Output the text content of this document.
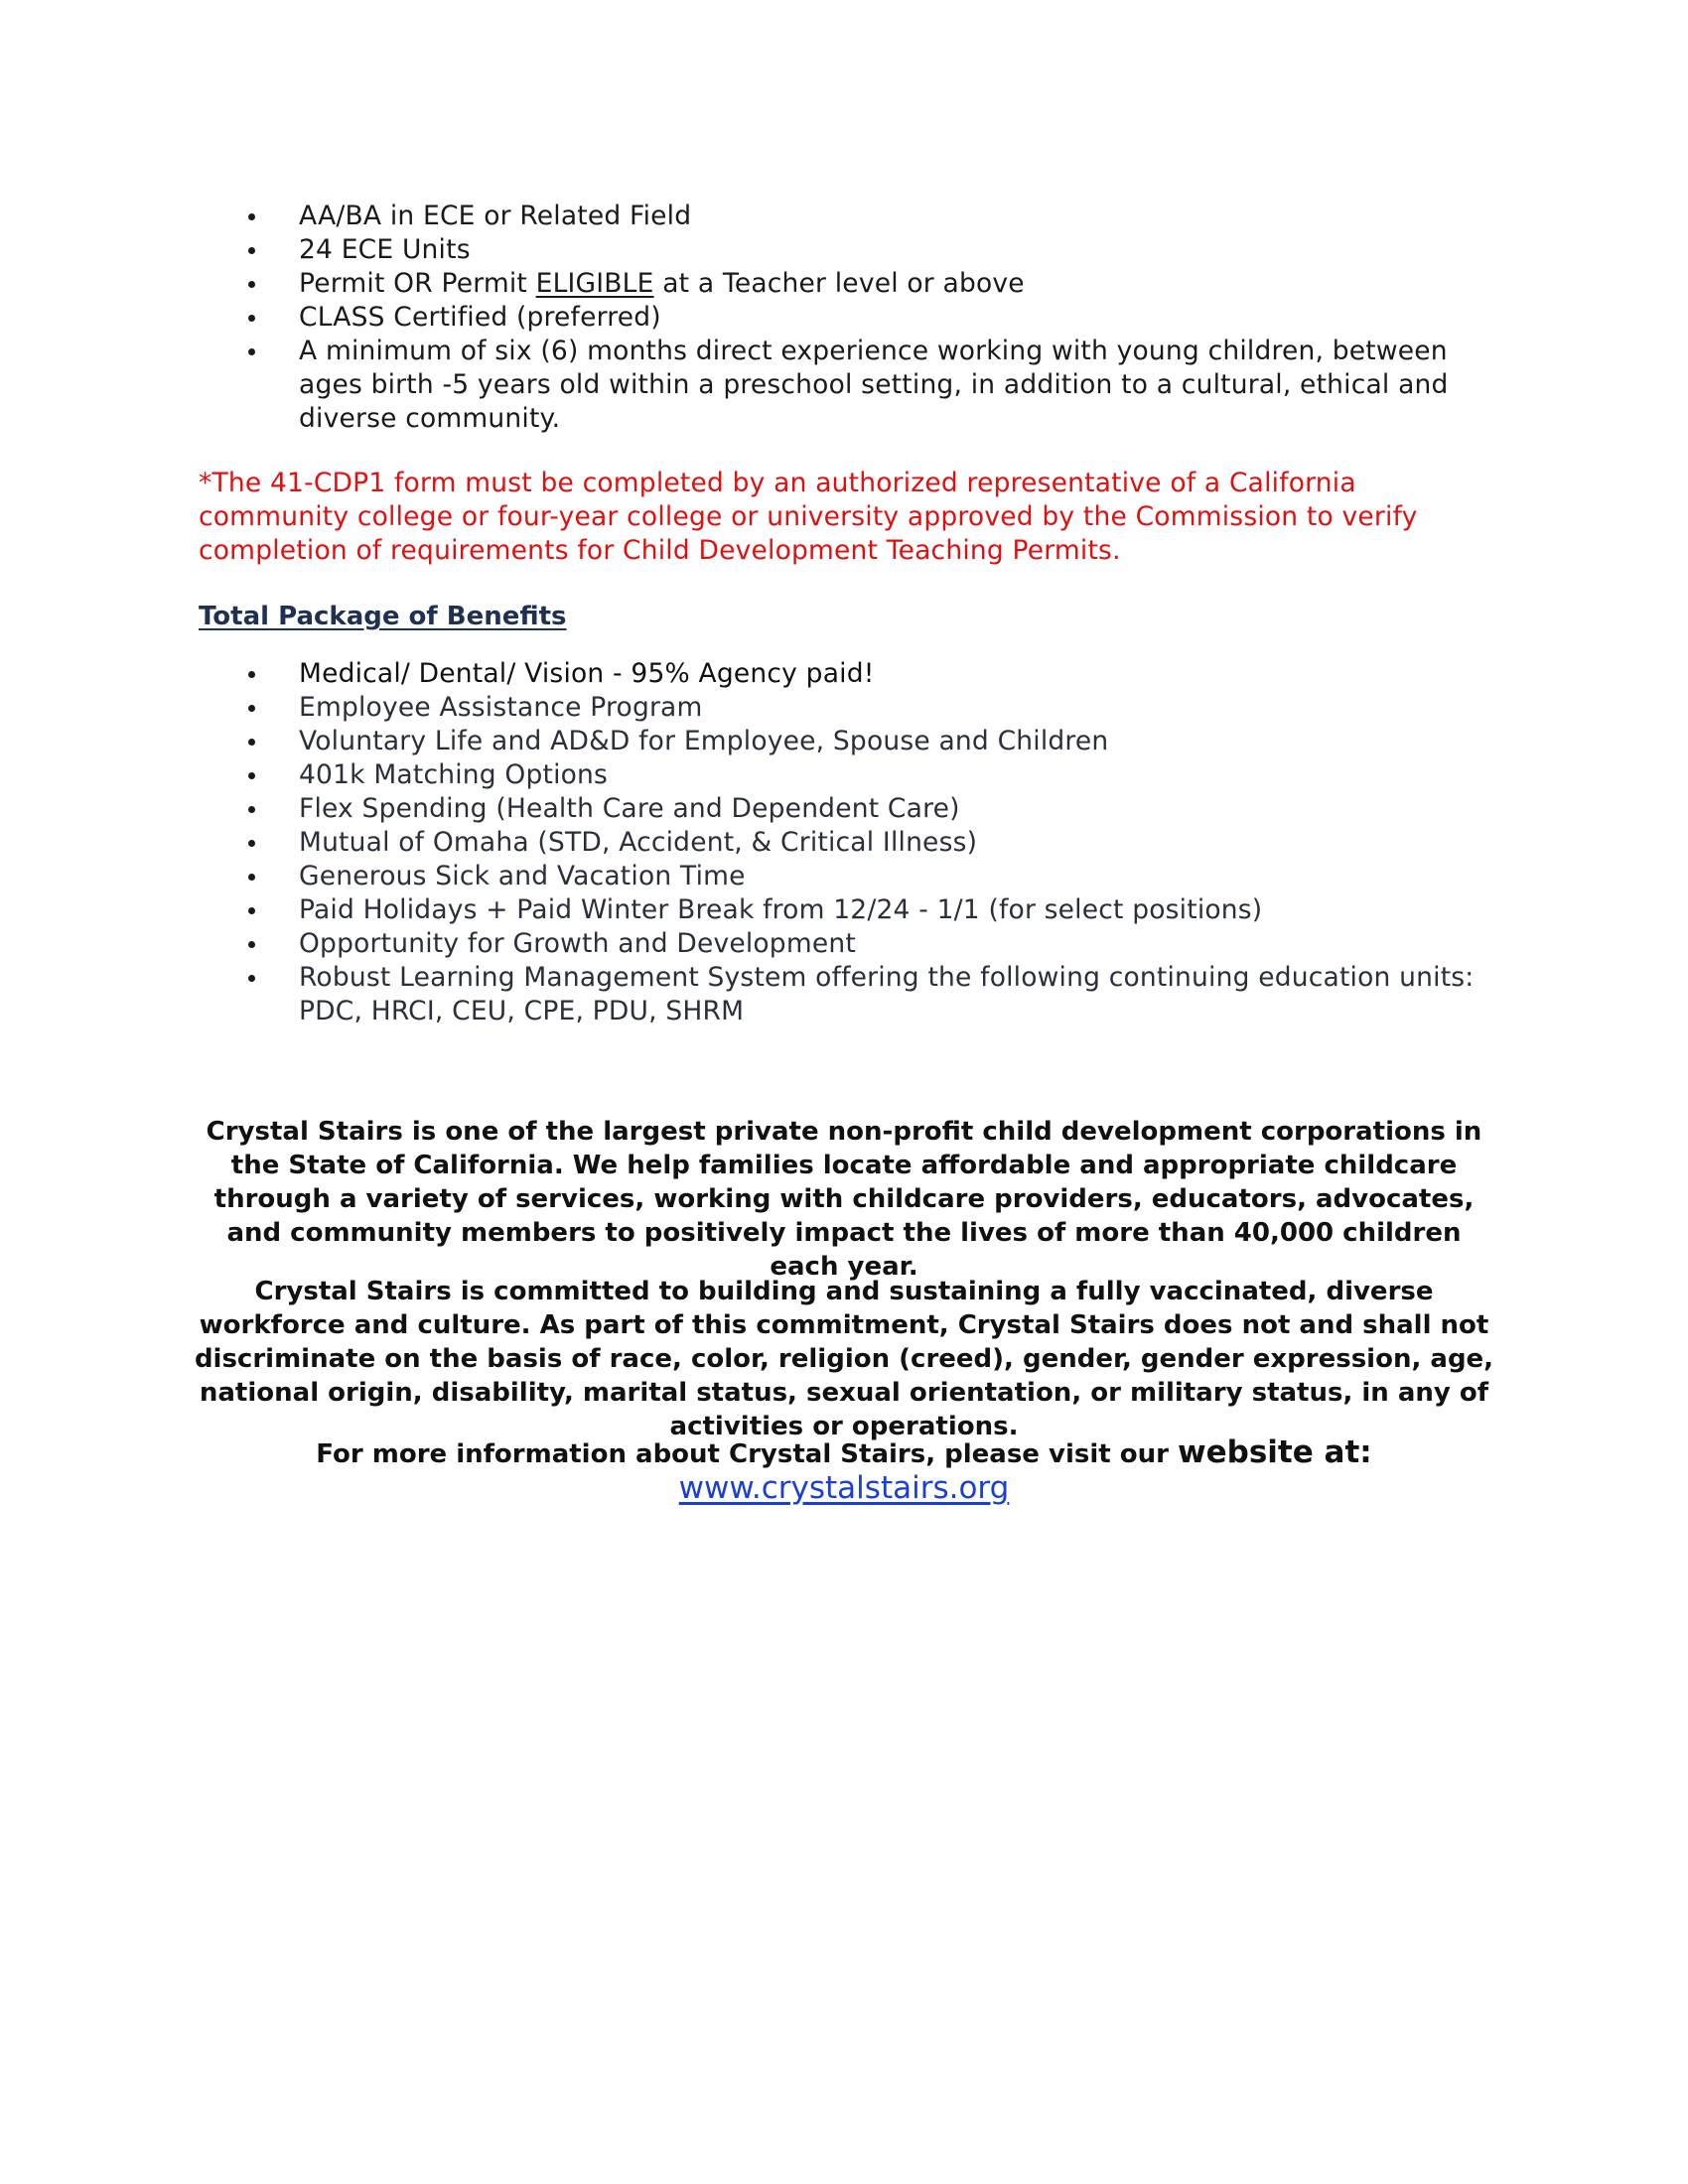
AA/BA in ECE or Related Field
24 ECE Units
Permit OR Permit ELIGIBLE at a Teacher level or above
CLASS Certified (preferred)
A minimum of six (6) months direct experience working with young children, between ages birth -5 years old within a preschool setting, in addition to a cultural, ethical and diverse community.
*The 41-CDP1 form must be completed by an authorized representative of a California community college or four-year college or university approved by the Commission to verify completion of requirements for Child Development Teaching Permits.
Total Package of Benefits
Medical/ Dental/ Vision - 95% Agency paid!
Employee Assistance Program
Voluntary Life and AD&D for Employee, Spouse and Children
401k Matching Options
Flex Spending (Health Care and Dependent Care)
Mutual of Omaha (STD, Accident, & Critical Illness)
Generous Sick and Vacation Time
Paid Holidays + Paid Winter Break from 12/24 - 1/1 (for select positions)
Opportunity for Growth and Development
Robust Learning Management System offering the following continuing education units: PDC, HRCI, CEU, CPE, PDU, SHRM

Crystal Stairs is one of the largest private non-profit child development corporations in the State of California. We help families locate affordable and appropriate childcare through a variety of services, working with childcare providers, educators, advocates, and community members to positively impact the lives of more than 40,000 children each year.

Crystal Stairs is committed to building and sustaining a fully vaccinated, diverse workforce and culture. As part of this commitment, Crystal Stairs does not and shall not discriminate on the basis of race, color, religion (creed), gender, gender expression, age, national origin, disability, marital status, sexual orientation, or military status, in any of activities or operations.

For more information about Crystal Stairs, please visit our website at: www.crystalstairs.org
